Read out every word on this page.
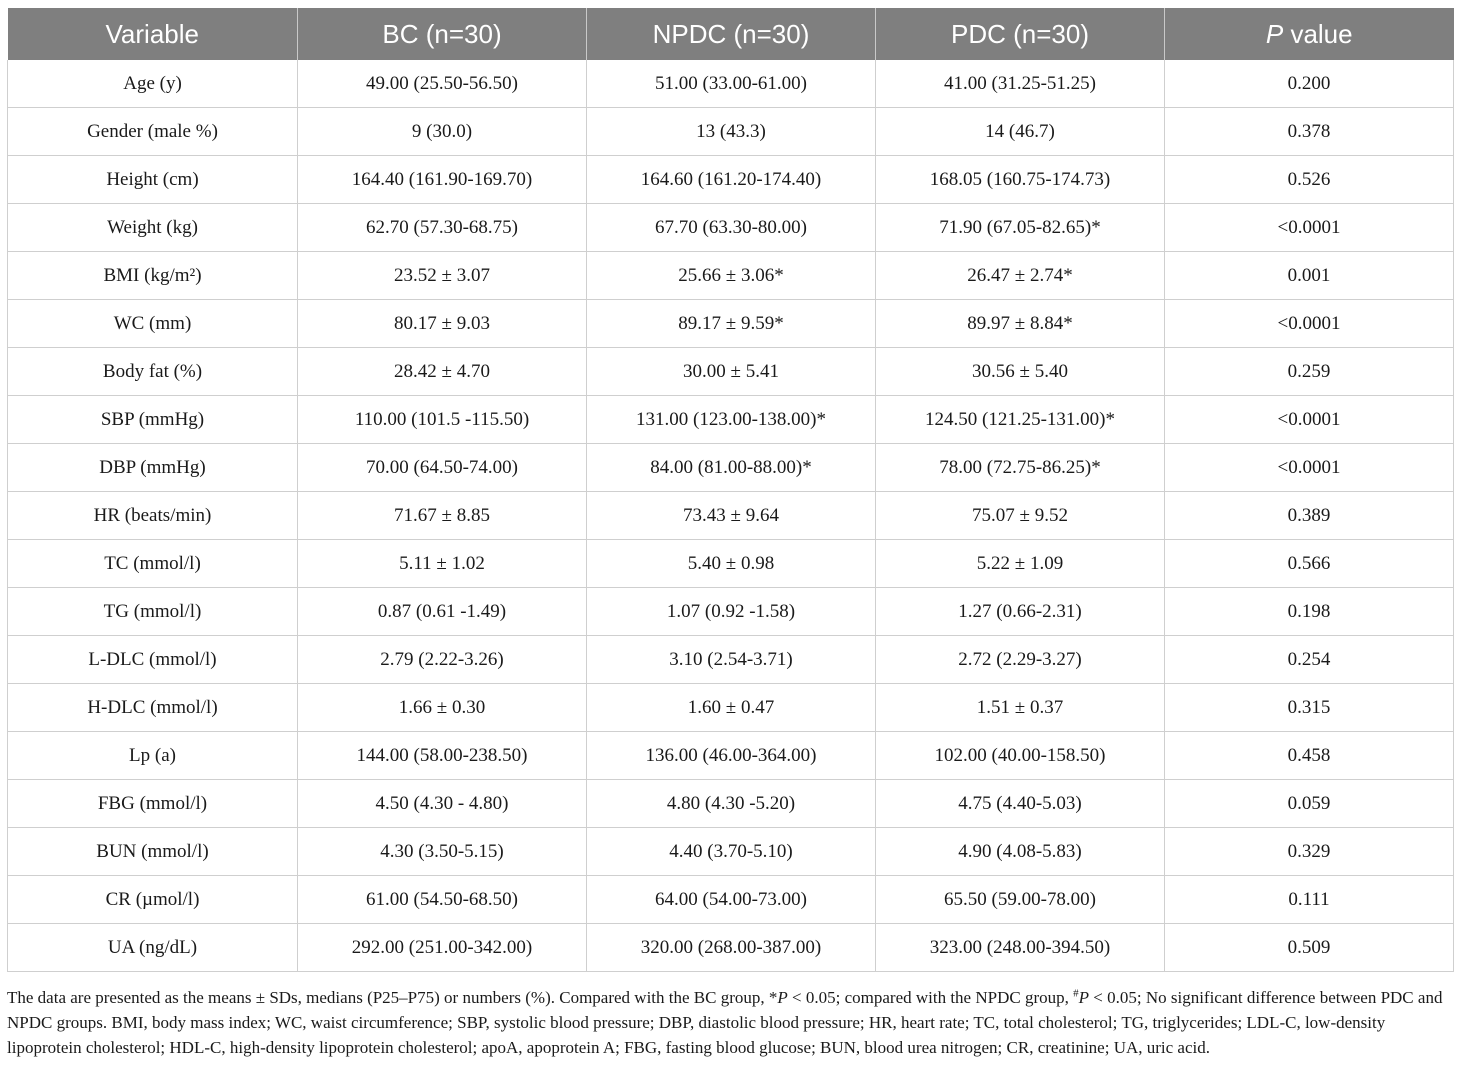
Variable	BC (n=30)	NPDC (n=30)	PDC (n=30)	P value
Age (y)	49.00 (25.50-56.50)	51.00 (33.00-61.00)	41.00 (31.25-51.25)	0.200
Gender (male %)	9 (30.0)	13 (43.3)	14 (46.7)	0.378
Height (cm)	164.40 (161.90-169.70)	164.60 (161.20-174.40)	168.05 (160.75-174.73)	0.526
Weight (kg)	62.70 (57.30-68.75)	67.70 (63.30-80.00)	71.90 (67.05-82.65)*	<0.0001
BMI (kg/m²)	23.52 ± 3.07	25.66 ± 3.06*	26.47 ± 2.74*	0.001
WC (mm)	80.17 ± 9.03	89.17 ± 9.59*	89.97 ± 8.84*	<0.0001
Body fat (%)	28.42 ± 4.70	30.00 ± 5.41	30.56 ± 5.40	0.259
SBP (mmHg)	110.00 (101.5 -115.50)	131.00 (123.00-138.00)*	124.50 (121.25-131.00)*	<0.0001
DBP (mmHg)	70.00 (64.50-74.00)	84.00 (81.00-88.00)*	78.00 (72.75-86.25)*	<0.0001
HR (beats/min)	71.67 ± 8.85	73.43 ± 9.64	75.07 ± 9.52	0.389
TC (mmol/l)	5.11 ± 1.02	5.40 ± 0.98	5.22 ± 1.09	0.566
TG (mmol/l)	0.87 (0.61 -1.49)	1.07 (0.92 -1.58)	1.27 (0.66-2.31)	0.198
L-DLC (mmol/l)	2.79 (2.22-3.26)	3.10 (2.54-3.71)	2.72 (2.29-3.27)	0.254
H-DLC (mmol/l)	1.66 ± 0.30	1.60 ± 0.47	1.51 ± 0.37	0.315
Lp (a)	144.00 (58.00-238.50)	136.00 (46.00-364.00)	102.00 (40.00-158.50)	0.458
FBG (mmol/l)	4.50 (4.30 - 4.80)	4.80 (4.30 -5.20)	4.75 (4.40-5.03)	0.059
BUN (mmol/l)	4.30 (3.50-5.15)	4.40 (3.70-5.10)	4.90 (4.08-5.83)	0.329
CR (µmol/l)	61.00 (54.50-68.50)	64.00 (54.00-73.00)	65.50 (59.00-78.00)	0.111
UA (ng/dL)	292.00 (251.00-342.00)	320.00 (268.00-387.00)	323.00 (248.00-394.50)	0.509
The data are presented as the means ± SDs, medians (P25–P75) or numbers (%). Compared with the BC group, *P < 0.05; compared with the NPDC group, #P < 0.05; No significant difference between PDC and NPDC groups. BMI, body mass index; WC, waist circumference; SBP, systolic blood pressure; DBP, diastolic blood pressure; HR, heart rate; TC, total cholesterol; TG, triglycerides; LDL-C, low-density lipoprotein cholesterol; HDL-C, high-density lipoprotein cholesterol; apoA, apoprotein A; FBG, fasting blood glucose; BUN, blood urea nitrogen; CR, creatinine; UA, uric acid.
